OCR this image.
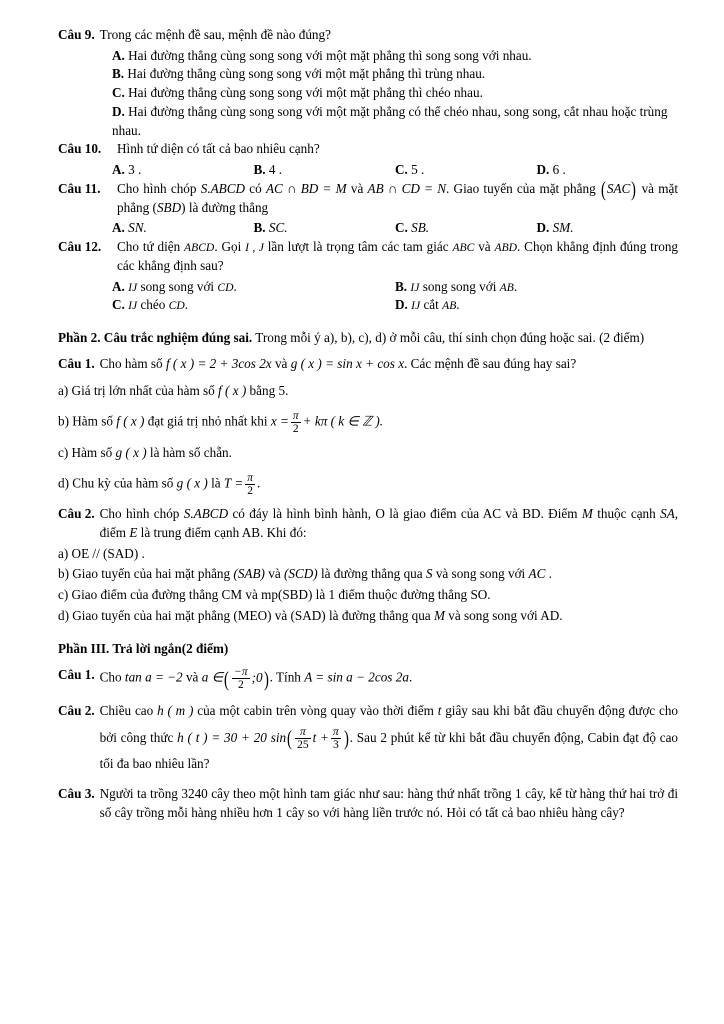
Câu 9. Trong các mệnh đề sau, mệnh đề nào đúng?
A. Hai đường thẳng cùng song song với một mặt phẳng thì song song với nhau.
B. Hai đường thẳng cùng song song với một mặt phẳng thì trùng nhau.
C. Hai đường thẳng cùng song song với một mặt phẳng thì chéo nhau.
D. Hai đường thẳng cùng song song với một mặt phẳng có thể chéo nhau, song song, cắt nhau hoặc trùng nhau.
Câu 10.	Hình tứ diện có tất cả bao nhiêu cạnh?
A. 3 .	B. 4 .	C. 5 .	D. 6 .
Câu 11.	Cho hình chóp S.ABCD có AC ∩ BD = M và AB ∩ CD = N. Giao tuyến của mặt phẳng (SAC) và mặt phẳng (SBD) là đường thẳng
A. SN.	B. SC.	C. SB.	D. SM.
Câu 12.	Cho tứ diện ABCD. Gọi I , J lần lượt là trọng tâm các tam giác ABC và ABD. Chọn khẳng định đúng trong các khẳng định sau?
A. IJ song song với CD.	B. IJ song song với AB.
C. IJ chéo CD.	D. IJ cắt AB.
Phần 2. Câu trắc nghiệm đúng sai. Trong mỗi ý a), b), c), d) ở mỗi câu, thí sinh chọn đúng hoặc sai. (2 điểm)
Câu 1. Cho hàm số f ( x ) = 2 + 3cos 2x và g ( x ) = sin x + cos x. Các mệnh đề sau đúng hay sai?
a) Giá trị lớn nhất của hàm số f ( x ) bằng 5.
b) Hàm số f ( x ) đạt giá trị nhỏ nhất khi $x = \frac{\pi}{2} + k\pi$ ( k ∈ ℤ ).
c) Hàm số g ( x ) là hàm số chẵn.
d) Chu kỳ của hàm số g ( x ) là $T = \frac{\pi}{2}$ .
Câu 2. Cho hình chóp S.ABCD có đáy là hình bình hành, O là giao điểm của AC và BD. Điểm M thuộc cạnh SA, điểm E là trung điểm cạnh AB. Khi đó:
a) OE // (SAD) .
b) Giao tuyến của hai mặt phẳng (SAB) và (SCD) là đường thẳng qua S và song song với AC .
c) Giao điểm của đường thẳng CM và mp(SBD) là 1 điểm thuộc đường thẳng SO.
d) Giao tuyến của hai mặt phẳng (MEO) và (SAD) là đường thẳng qua M và song song với AD.
Phần III. Trả lời ngắn(2 điểm)
Câu 1. Cho tan a = −2 và a ∈( $\frac{-\pi}{2}$ ;0). Tính A = sin a − 2cos 2a.
Câu 2. Chiều cao h ( m ) của một cabin trên vòng quay vào thời điểm t giây sau khi bắt đầu chuyển động được cho bởi công thức h ( t ) = 30 + 20 $\sin( \frac{\pi}{25}$ $t + \frac{\pi}{3}$ ). Sau 2 phút kể từ khi bắt đầu chuyển động, Cabin đạt độ cao tối đa bao nhiêu lần?
Câu 3. Người ta trồng 3240 cây theo một hình tam giác như sau: hàng thứ nhất trồng 1 cây, kể từ hàng thứ hai trở đi số cây trồng mỗi hàng nhiều hơn 1 cây so với hàng liền trước nó. Hỏi có tất cả bao nhiêu hàng cây?
